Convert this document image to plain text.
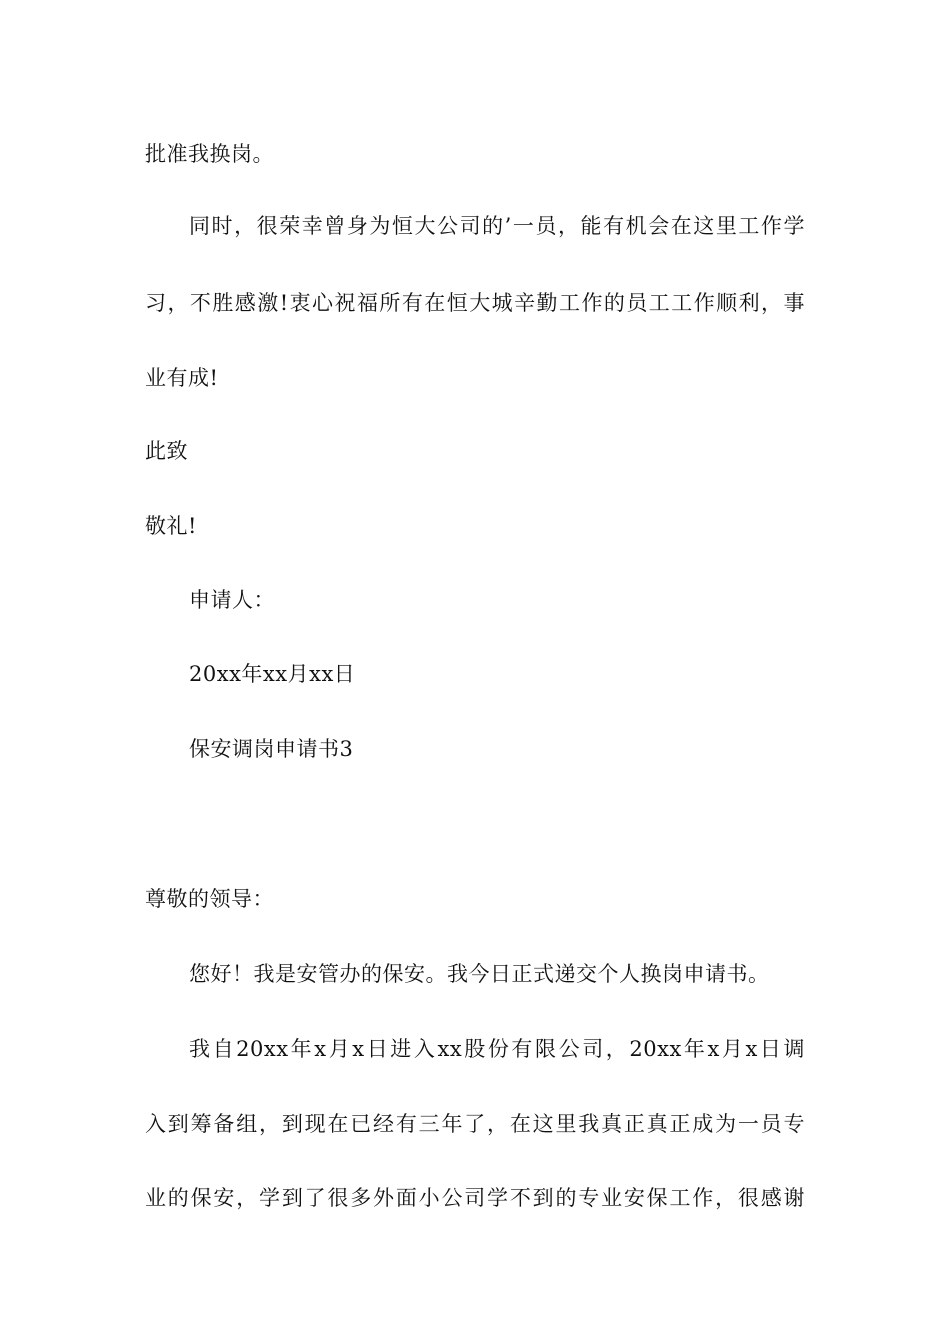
批准我换岗。
同时，很荣幸曾身为恒大公司的’一员，能有机会在这里工作学
习，不胜感激!衷心祝福所有在恒大城辛勤工作的员工工作顺利，事
业有成!
此致
敬礼!
申请人：
20xx年xx月xx日
保安调岗申请书3
尊敬的领导：
您好！我是安管办的保安。我今日正式递交个人换岗申请书。
我自20xx年x月x日进入xx股份有限公司，20xx年x月x日调
入到筹备组，到现在已经有三年了，在这里我真正真正成为一员专
业的保安，学到了很多外面小公司学不到的专业安保工作，很感谢
